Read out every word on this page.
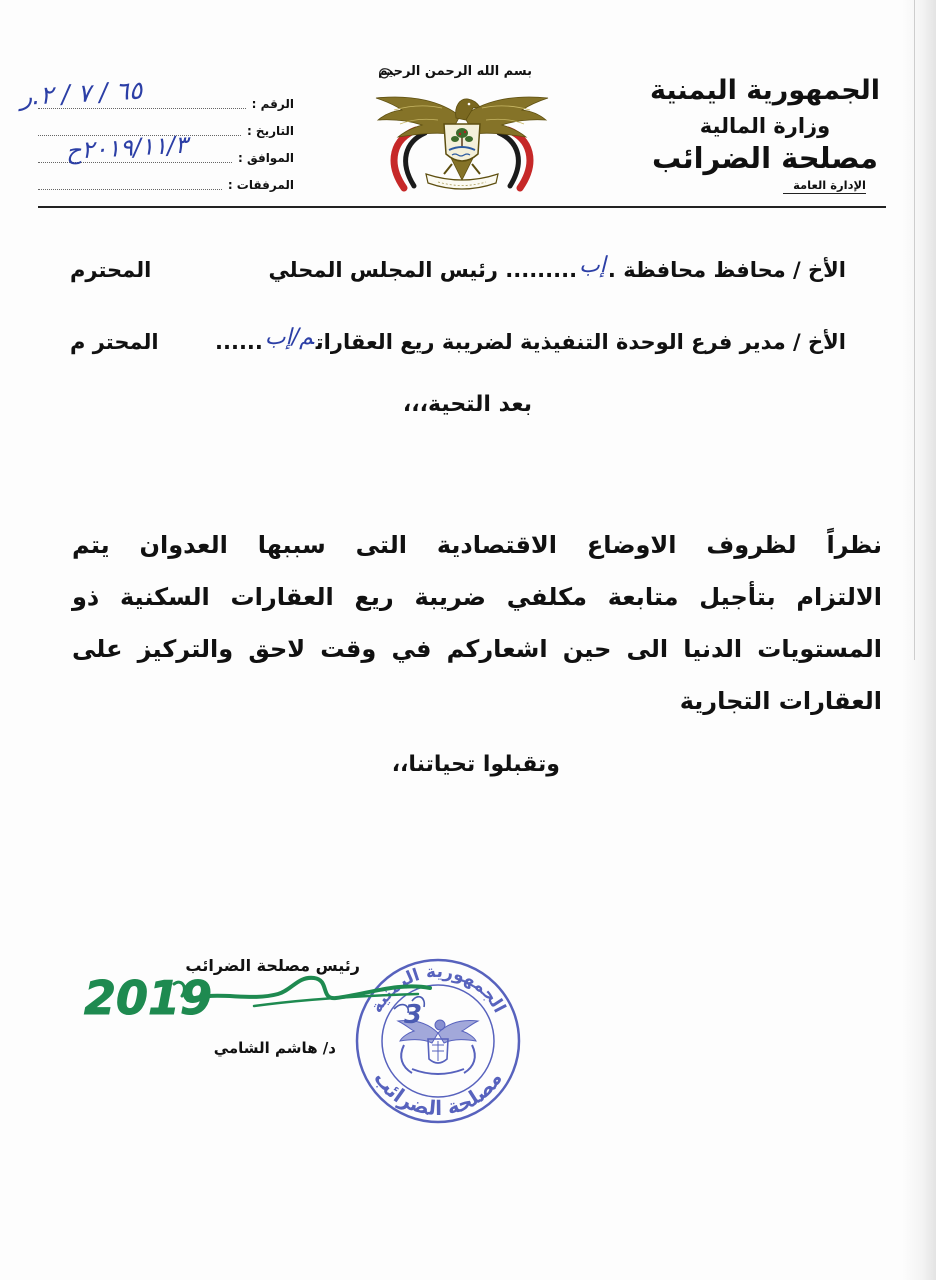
الجمهورية اليمنية
وزارة المالية
مصلحة الضرائب
الإدارة العامة
بسم الله الرحمن الرحيم
الرقم :
التاريخ :
الموافق :
المرفقات :
ر.٢ / ٧ / ٦٥
ح٢٠١٩/١١/٣
الأخ / محافظ محافظة .إب......... رئيس المجلس المحلي
المحترم
الأخ / مدير فرع الوحدة التنفيذية لضريبة ريع العقاراتم/إب......
المحتر م
بعد التحية،،،
نظراً لظروف الاوضاع الاقتصادية التى سببها العدوان يتم
الالتزام بتأجيل متابعة مكلفي ضريبة ريع العقارات السكنية ذو
المستويات الدنيا الى حين اشعاركم في وقت لاحق والتركيز على
العقارات التجارية
وتقبلوا تحياتنا،،
رئيس مصلحة الضرائب
د/ هاشم الشامي
الجمهورية اليمنية
مصلحة الضرائب
3
2019
